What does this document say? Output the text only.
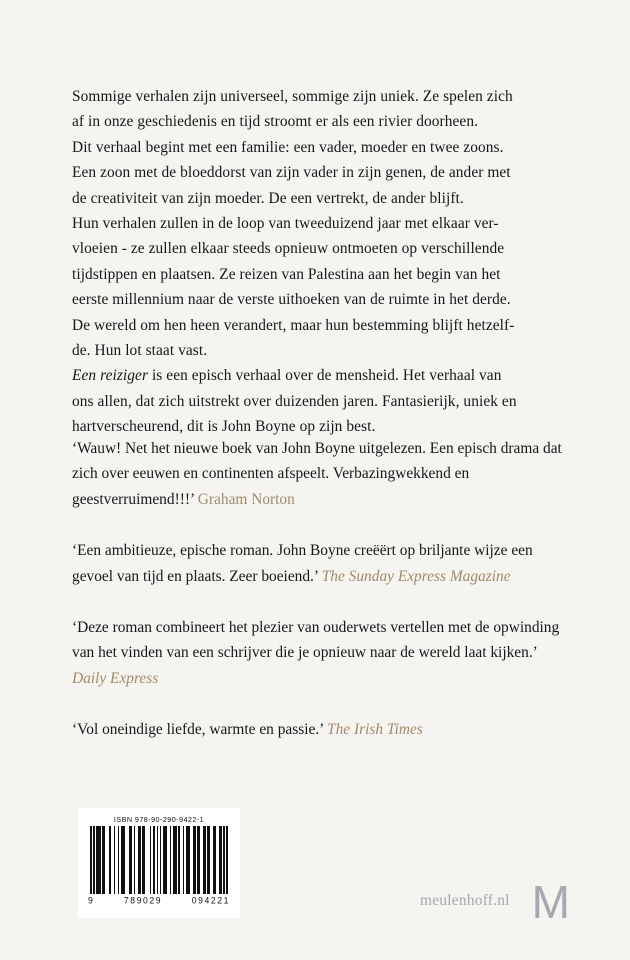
Sommige verhalen zijn universeel, sommige zijn uniek. Ze spelen zich
af in onze geschiedenis en tijd stroomt er als een rivier doorheen.
Dit verhaal begint met een familie: een vader, moeder en twee zoons.
Een zoon met de bloeddorst van zijn vader in zijn genen, de ander met
de creativiteit van zijn moeder. De een vertrekt, de ander blijft.
Hun verhalen zullen in de loop van tweeduizend jaar met elkaar ver-
vloeien - ze zullen elkaar steeds opnieuw ontmoeten op verschillende
tijdstippen en plaatsen. Ze reizen van Palestina aan het begin van het
eerste millennium naar de verste uithoeken van de ruimte in het derde.
De wereld om hen heen verandert, maar hun bestemming blijft hetzelf-
de. Hun lot staat vast.

Een reiziger is een episch verhaal over de mensheid. Het verhaal van
ons allen, dat zich uitstrekt over duizenden jaren. Fantasierijk, uniek en
hartverscheurend, dit is John Boyne op zijn best.

‘Wauw! Net het nieuwe boek van John Boyne uitgelezen. Een episch drama dat zich over eeuwen en continenten afspeelt. Verbazingwekkend en geestverruimend!!!’ Graham Norton

‘Een ambitieuze, epische roman. John Boyne creëërt op briljante wijze een gevoel van tijd en plaats. Zeer boeiend.’ The Sunday Express Magazine

‘Deze roman combineert het plezier van ouderwets vertellen met de opwinding van het vinden van een schrijver die je opnieuw naar de wereld laat kijken.’ Daily Express

‘Vol oneindige liefde, warmte en passie.’ The Irish Times

ISBN 978-90-290-9422-1
9	789029	094221	meulenhoff.nl M
